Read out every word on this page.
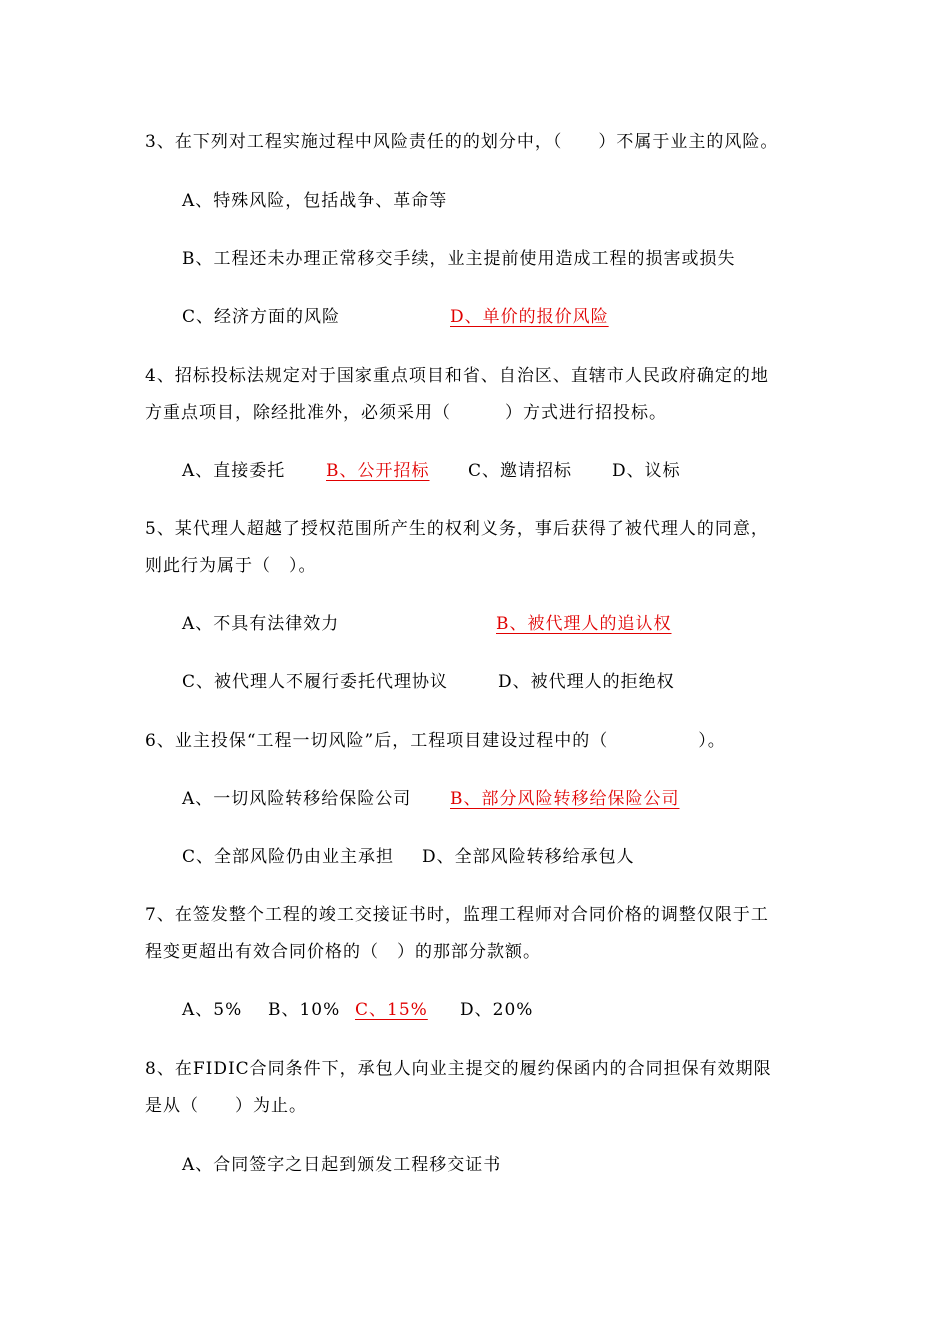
3、在下列对工程实施过程中风险责任的的划分中，（　　）不属于业主的风险。
A、特殊风险，包括战争、革命等
B、工程还未办理正常移交手续，业主提前使用造成工程的损害或损失
C、经济方面的风险	D、单价的报价风险
4、招标投标法规定对于国家重点项目和省、自治区、直辖市人民政府确定的地
方重点项目，除经批准外，必须采用（　　　）方式进行招投标。
A、直接委托 B、公开招标 C、邀请招标 D、议标
5、某代理人超越了授权范围所产生的权利义务，事后获得了被代理人的同意，
则此行为属于（　）。
A、不具有法律效力	B、被代理人的追认权
C、被代理人不履行委托代理协议	D、被代理人的拒绝权
6、业主投保“工程一切风险”后，工程项目建设过程中的（　　　　　）。
A、一切风险转移给保险公司 B、部分风险转移给保险公司
C、全部风险仍由业主承担 D、全部风险转移给承包人
7、在签发整个工程的竣工交接证书时，监理工程师对合同价格的调整仅限于工
程变更超出有效合同价格的（　）的那部分款额。
A、5% B、10% C、15% D、20%
8、在FIDIC合同条件下，承包人向业主提交的履约保函内的合同担保有效期限
是从（　　）为止。
A、合同签字之日起到颁发工程移交证书
